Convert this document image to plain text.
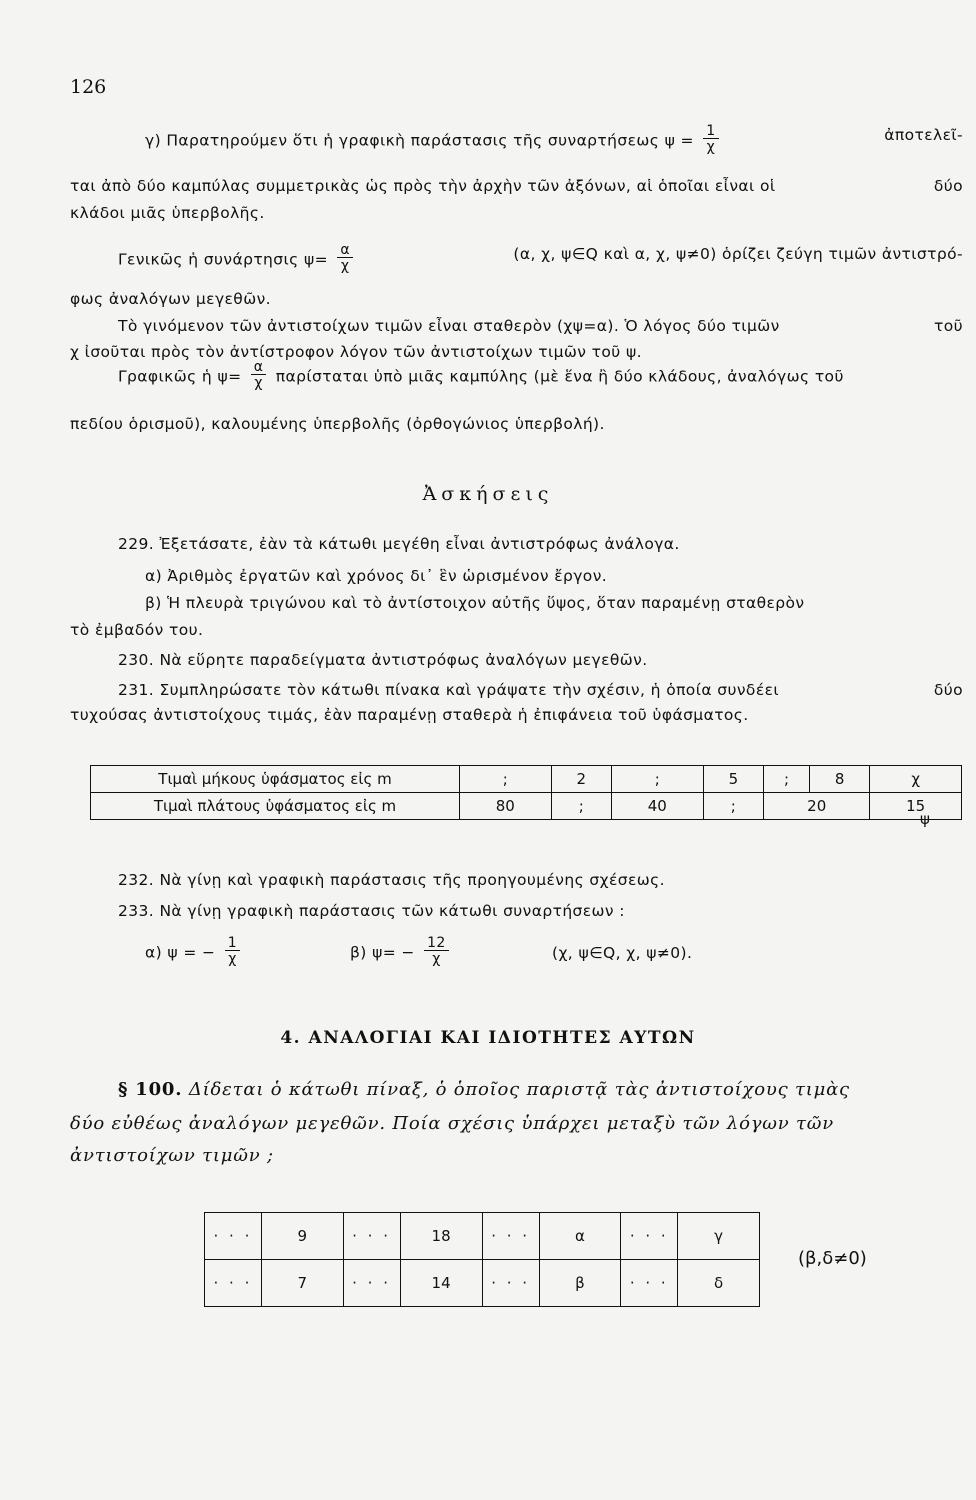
126
γ) Παρατηρούμεν ὅτι ἡ γραφικὴ παράστασις τῆς συναρτήσεως $\psi = \frac{1}{\chi}$	ἀποτελεῖ-
ται ἀπὸ δύο καμπύλας συμμετρικὰς ὡς πρὸς τὴν ἀρχὴν τῶν ἀξόνων, αἱ ὁποῖαι εἶναι οἱ	δύο
κλάδοι μιᾶς ὑπερβολῆς.
Γενικῶς ἡ συνάρτησις $\psi= \frac{\alpha}{\chi}$	(α, χ, ψ∈Q καὶ α, χ, ψ≠0) ὁρίζει ζεύγη τιμῶν ἀντιστρό-
φως ἀναλόγων μεγεθῶν.
Τὸ γινόμενον τῶν ἀντιστοίχων τιμῶν εἶναι σταθερὸν (χψ=α). Ὁ λόγος δύο τιμῶν	τοῦ
χ ἰσοῦται πρὸς τὸν ἀντίστροφον λόγον τῶν ἀντιστοίχων τιμῶν τοῦ ψ.
Γραφικῶς ἡ $\psi= \frac{\alpha}{\chi}$ παρίσταται ὑπὸ μιᾶς καμπύλης (μὲ ἕνα ἢ δύο κλάδους, ἀναλόγως τοῦ
πεδίου ὁρισμοῦ), καλουμένης ὑπερβολῆς (ὀρθογώνιος ὑπερβολή).
Ἀσκήσεις
229. Ἐξετάσατε, ἐὰν τὰ κάτωθι μεγέθη εἶναι ἀντιστρόφως ἀνάλογα.
α) Ἀριθμὸς ἐργατῶν καὶ χρόνος δι᾿ ἓν ὡρισμένον ἔργον.
β) Ἡ πλευρὰ τριγώνου καὶ τὸ ἀντίστοιχον αὐτῆς ὕψος, ὅταν παραμένῃ σταθερὸν
τὸ ἐμβαδόν του.
230. Νὰ εὕρητε παραδείγματα ἀντιστρόφως ἀναλόγων μεγεθῶν.
231. Συμπληρώσατε τὸν κάτωθι πίνακα καὶ γράψατε τὴν σχέσιν, ἡ ὁποία συνδέει	δύο
τυχούσας ἀντιστοίχους τιμάς, ἐὰν παραμένῃ σταθερὰ ἡ ἐπιφάνεια τοῦ ὑφάσματος.
Τιμαὶ μήκους ὑφάσματος εἰς m	;	2	;	5	;	8	χ
Τιμαὶ πλάτους ὑφάσματος εἰς m	80	;	40	;	20		15
ψ
232. Νὰ γίνῃ καὶ γραφικὴ παράστασις τῆς προηγουμένης σχέσεως.
233. Νὰ γίνῃ γραφικὴ παράστασις τῶν κάτωθι συναρτήσεων :
α) ψ = − $\frac{1}{\chi}$	β) $\psi= - \frac{12}{\chi}$	(χ, ψ∈Q, χ, ψ≠0).
4. ΑΝΑΛΟΓΙΑΙ ΚΑΙ ΙΔΙΟΤΗΤΕΣ ΑΥΤΩΝ
§ 100. Δίδεται ὁ κάτωθι πίναξ, ὁ ὁποῖος παριστᾷ τὰς ἀντιστοίχους τιμὰς
δύο εὐθέως ἀναλόγων μεγεθῶν. Ποία σχέσις ὑπάρχει μεταξὺ τῶν λόγων τῶν
ἀντιστοίχων τιμῶν ;
· · ·	9	· · ·	18	· · ·	α	· · ·	γ
· · ·	7	· · ·	14	· · ·	β	· · ·	δ
(β,δ≠0)
